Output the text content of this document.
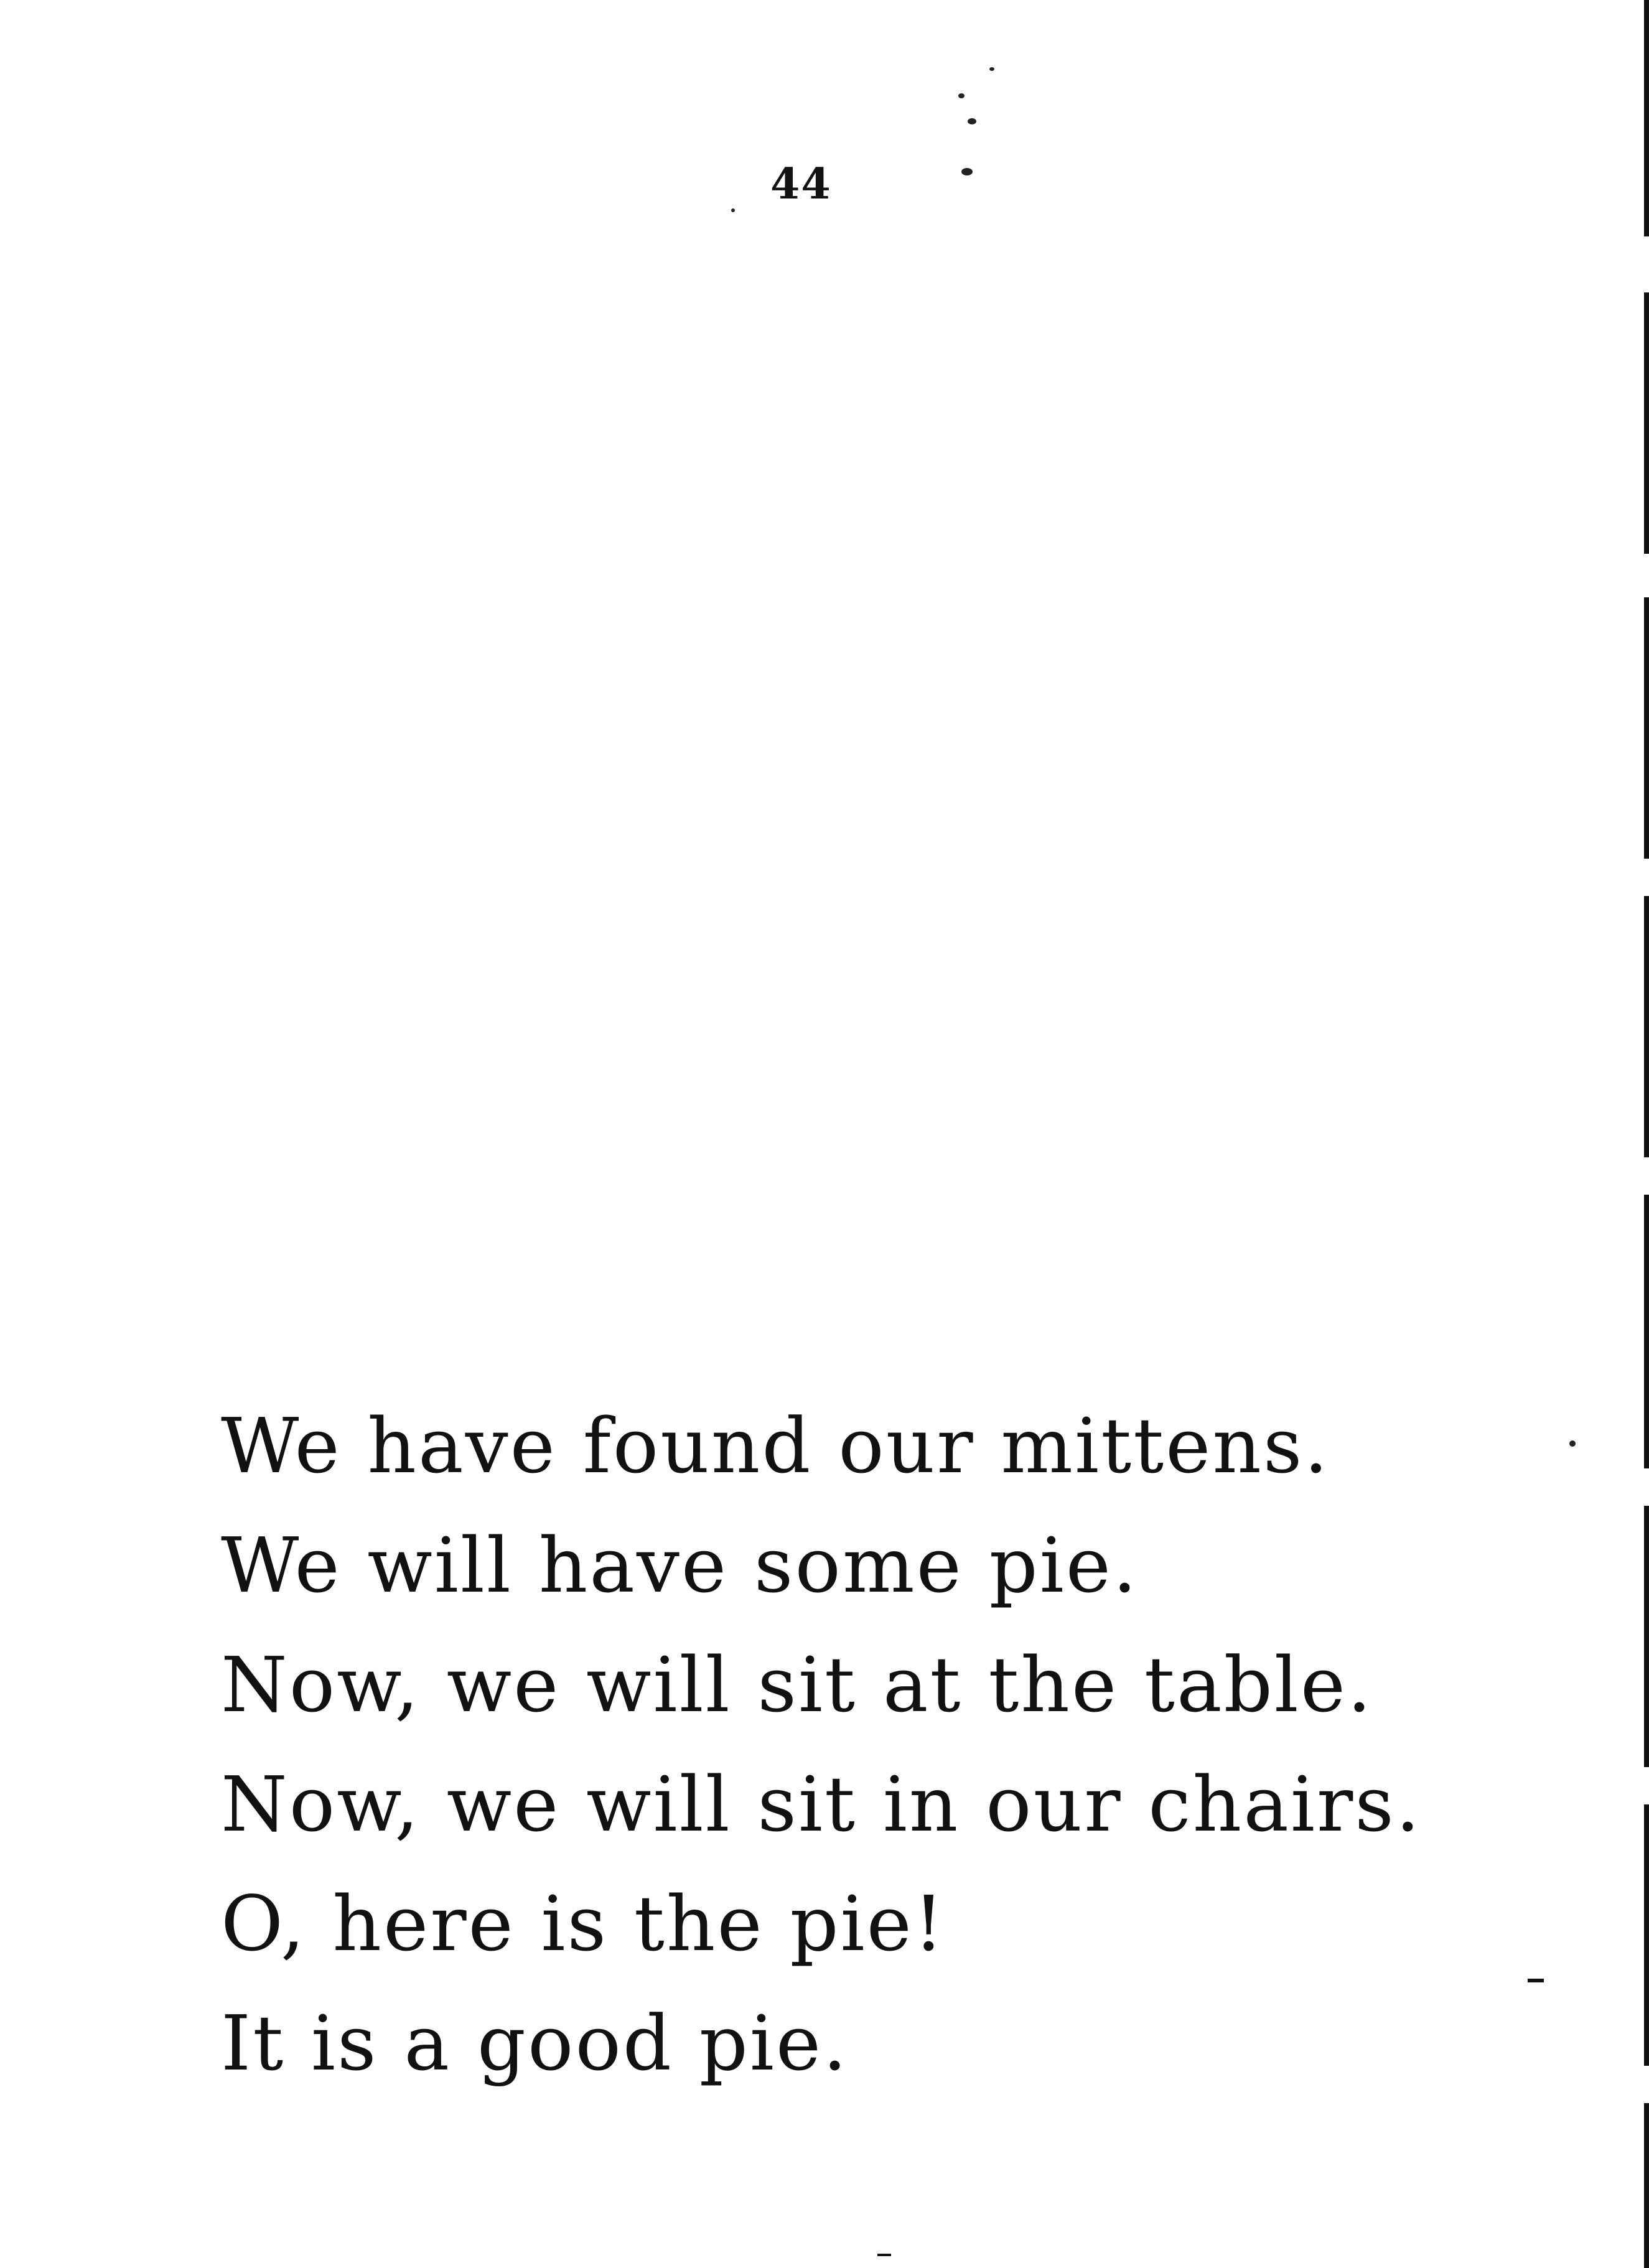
44
We have found our mittens.
We will have some pie.
Now, we will sit at the table.
Now, we will sit in our chairs.
O, here is the pie!
It is a good pie.
